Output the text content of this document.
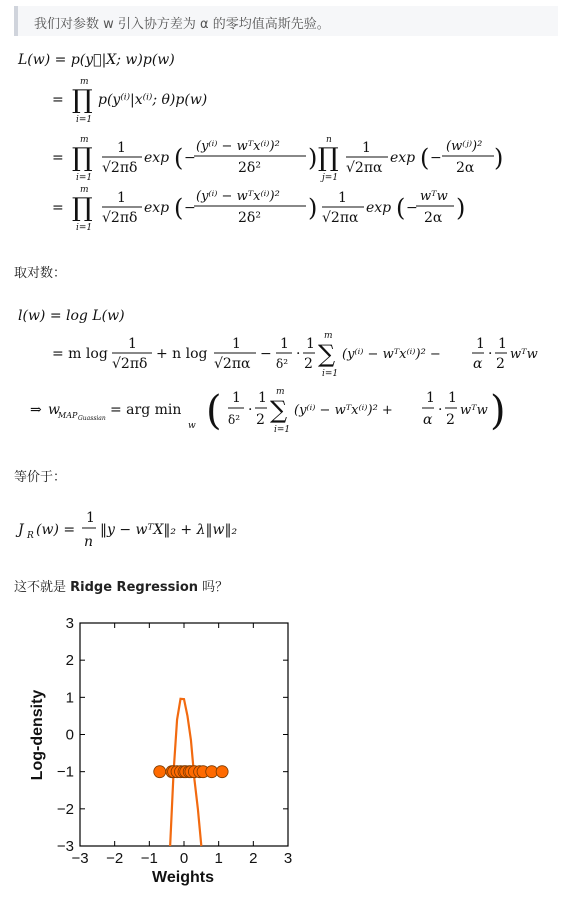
我们对参数 w 引入协方差为 α 的零均值高斯先验。
L(w) = p(y⃗|X; w)p(w)
= ∏
m
i=1
p(y⁽ⁱ⁾|x⁽ⁱ⁾; θ)p(w)
= ∏
m
i=1
1
√2πδ
exp ( −
(y⁽ⁱ⁾ − wᵀx⁽ⁱ⁾)²
2δ² ) ∏
n
j=1
1
√2πα
exp ( −
(w⁽ʲ⁾)²
2α )
= ∏
m
i=1
1
√2πδ
exp ( −
(y⁽ⁱ⁾ − wᵀx⁽ⁱ⁾)²
2δ² ) 1
√2πα
exp ( −
wᵀw
2α )
l(w) = log L(w)
= m log
1
√2πδ
+ n log
1
√2πα
−
1
δ²
·
1
2 ∑
m
i=1
(y⁽ⁱ⁾ − wᵀx⁽ⁱ⁾)² −
1
α
·
1
2
wᵀw
⇒ w
MAP Guassian
= arg min
w ( 1
δ²
·
1
2 ∑
m
i=1
(y⁽ⁱ⁾ − wᵀx⁽ⁱ⁾)² +
1
α
·
1
2
wᵀw )
J R (w) =
1
n
‖y − wᵀX‖₂ + λ‖w‖₂
取对数：
等价于：
这不就是 Ridge Regression 吗？
−3 −2 −1 0 1 2 3
3
2
1
0
−1
−2
−3
Weights
Log-density
